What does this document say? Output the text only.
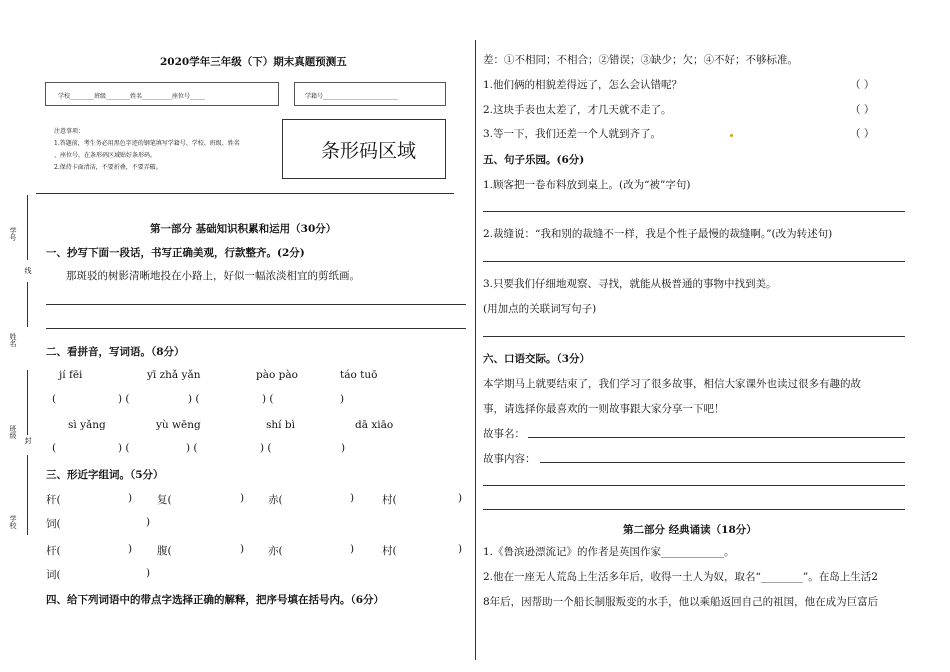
2020学年三年级（下）期末真题预测五
学校________班级________姓名__________座位号_____	学籍号_________________________
注意事项：
1.答题前，考生务必用黑色字迹的钢笔填写学籍号、学校、班级、姓名
、座位号，在条形码区域贴好条形码。
2.保持卡面清洁，不要折叠，不要弄破。
条形码区域
学号
线
姓名
班级
封
学校
第一部分 基础知识积累和运用（30分）
一、抄写下面一段话，书写正确美观，行款整齐。(2分)
那斑驳的树影清晰地投在小路上，好似一幅浓淡相宜的剪纸画。
二、看拼音，写词语。（8分）
jí fēi	yī zhǎ yǎn	pào pào	táo tuō
(	) (	) (	) (	)
sì yǎng	yù wēng	shí bì	dā xiāo
(	) (	) (	) (	)
三、形近字组词。（5分）
秆(	) 复(	) 赤(	)	村(	)
饲(	)
杆(	) 腹(	) 亦(	)	村(	)
词(	)
四、给下列词语中的带点字选择正确的解释，把序号填在括号内。（6分）
差：①不相同；不相合；②错误；③缺少；欠；④不好；不够标准。
1.他们俩的相貌差得远了，怎么会认错呢？	（ ）
2.这块手表也太差了，才几天就不走了。	（ ）
3.等一下，我们还差一个人就到齐了。	（ ）
五、句子乐园。(6分)
1.顾客把一卷布料放到桌上。(改为“被”字句)
2.裁缝说：“我和别的裁缝不一样，我是个性子最慢的裁缝啊。”(改为转述句)
3.只要我们仔细地观察、寻找，就能从极普通的事物中找到美。
(用加点的关联词写句子)
六、口语交际。（3分）
本学期马上就要结束了，我们学习了很多故事，相信大家课外也读过很多有趣的故
事，请选择你最喜欢的一则故事跟大家分享一下吧！
故事名：
故事内容：
第二部分 经典诵读（18分）
1.《鲁滨逊漂流记》的作者是英国作家____________。
2.他在一座无人荒岛上生活多年后，收得一土人为奴，取名“________”。在岛上生活2
8年后，因帮助一个船长制服叛变的水手，他以乘船返回自己的祖国，他在成为巨富后
